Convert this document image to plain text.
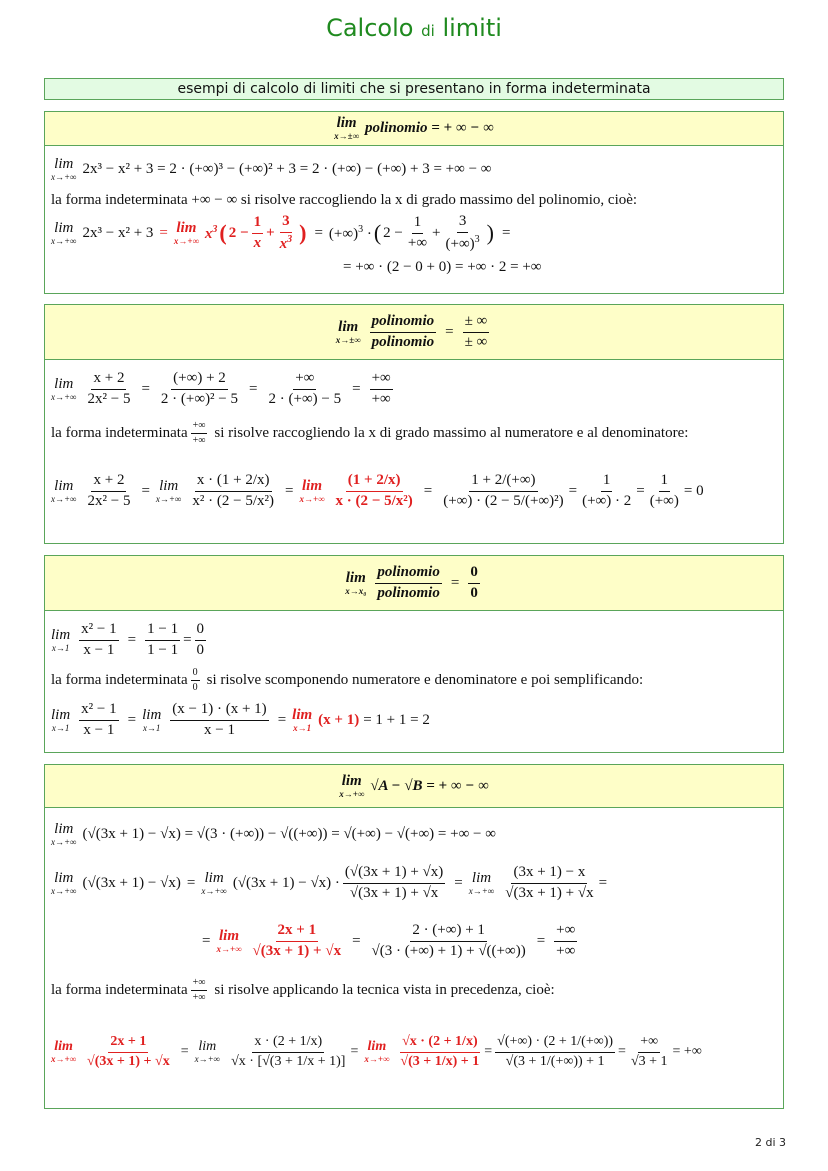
Calcolo di limiti
esempi di calcolo di limiti che si presentano in forma indeterminata
lim
x→±∞ polinomio = + ∞ − ∞
lim
x→+∞ 2x³ − x² + 3 = 2 · (+∞)³ − (+∞)² + 3 = 2 · (+∞) − (+∞) + 3 = +∞ − ∞
la forma indeterminata +∞ − ∞ si risolve raccogliendo la x di grado massimo del polinomio, cioè:
lim
x→+∞ 2x³ − x² + 3 = lim
x→+∞ $x^3$ ( $2 - \frac{1}{x} + \frac{3}{x^3}$ ) = (+∞)$^3$ · ( $2 - \frac{1}{+\infty} + \frac{3}{(+\infty)^3}$ ) =
= +∞ · (2 − 0 + 0) = +∞ · 2 = +∞
lim
$x\to\pm\infty \frac{\text{polinomio}}{\text{polinomio}} = \frac{\pm \infty}{\pm \infty}$
lim
$x\to+\infty \frac{x + 2}{\text{2x² − 5}} = \frac{(+\infty) + 2}{\text{2 · (+∞)² − 5}} = \frac{+\infty}{2 \cdot (+\infty) - 5} = \frac{+\infty}{+\infty}$
la forma indeterminata $\frac{+\infty}{+\infty}$ si risolve raccogliendo la x di grado massimo al numeratore e al denominatore:
lim
$x\to+\infty \frac{x + 2}{\text{2x² − 5}} = \lim$
$x\to+\infty \frac{x \cdot (1 + 2/x)}{\text{x² · (2 − 5/x²)}} = \lim$
$x\to+\infty \frac{(1 + 2/x)}{\text{x · (2 − 5/x²)}} = \frac{1 + 2/(+\infty)}{\text{(+∞) · (2 − 5/(+∞)²)}} = \frac{1}{(+\infty) \cdot 2} = \frac{1}{(+\infty)} = 0$
lim
$x\to x_0 \frac{\text{polinomio}}{\text{polinomio}} = \frac{0}{0}$
lim
$x\to 1 \frac{\text{x² − 1}}{x - 1} = \frac{1 - 1}{1 - 1} = \frac{0}{0}$
la forma indeterminata $\frac{0}{0}$ si risolve scomponendo numeratore e denominatore e poi semplificando:
lim
$x\to 1 \frac{\text{x² − 1}}{x - 1} = \lim$
$x\to 1 \frac{(x - 1) \cdot (x + 1)}{x - 1} = \lim$
x→1 (x + 1) = 1 + 1 = 2
lim
x→+∞ √A − √B = + ∞ − ∞
lim
x→+∞ (√(3x + 1) − √x) = √(3 · (+∞)) − √((+∞)) = √(+∞) − √(+∞) = +∞ − ∞
lim
x→+∞ (√(3x + 1) − √x) = lim
x→+∞ $(√(3x + 1) - √x) \cdot \frac{(√(3x + 1) + √x)}{√(3x + 1) + √x} = \lim$
$x\to+\infty \frac{(3x + 1) - x}{√(3x + 1) + √x}$ =
= lim
$x\to+\infty \frac{2x + 1}{√(3x + 1) + √x} = \frac{2 \cdot (+\infty) + 1}{√(3 \cdot (+\infty) + 1) + √((+\infty))} = \frac{+\infty}{+\infty}$
la forma indeterminata $\frac{+\infty}{+\infty}$ si risolve applicando la tecnica vista in precedenza, cioè:
lim
$x\to+\infty \frac{2x + 1}{√(3x + 1) + √x} = \lim$
$x\to+\infty \frac{x \cdot (2 + 1/x)}{√x \cdot [√(3 + 1/x + 1)]} = \lim$
$x\to+\infty \frac{√x \cdot (2 + 1/x)}{√(3 + 1/x) + 1} = \frac{√(+\infty) \cdot (2 + 1/(+\infty))}{√(3 + 1/(+\infty)) + 1} = \frac{+\infty}{√3 + 1}$ = +∞
2 di 3
